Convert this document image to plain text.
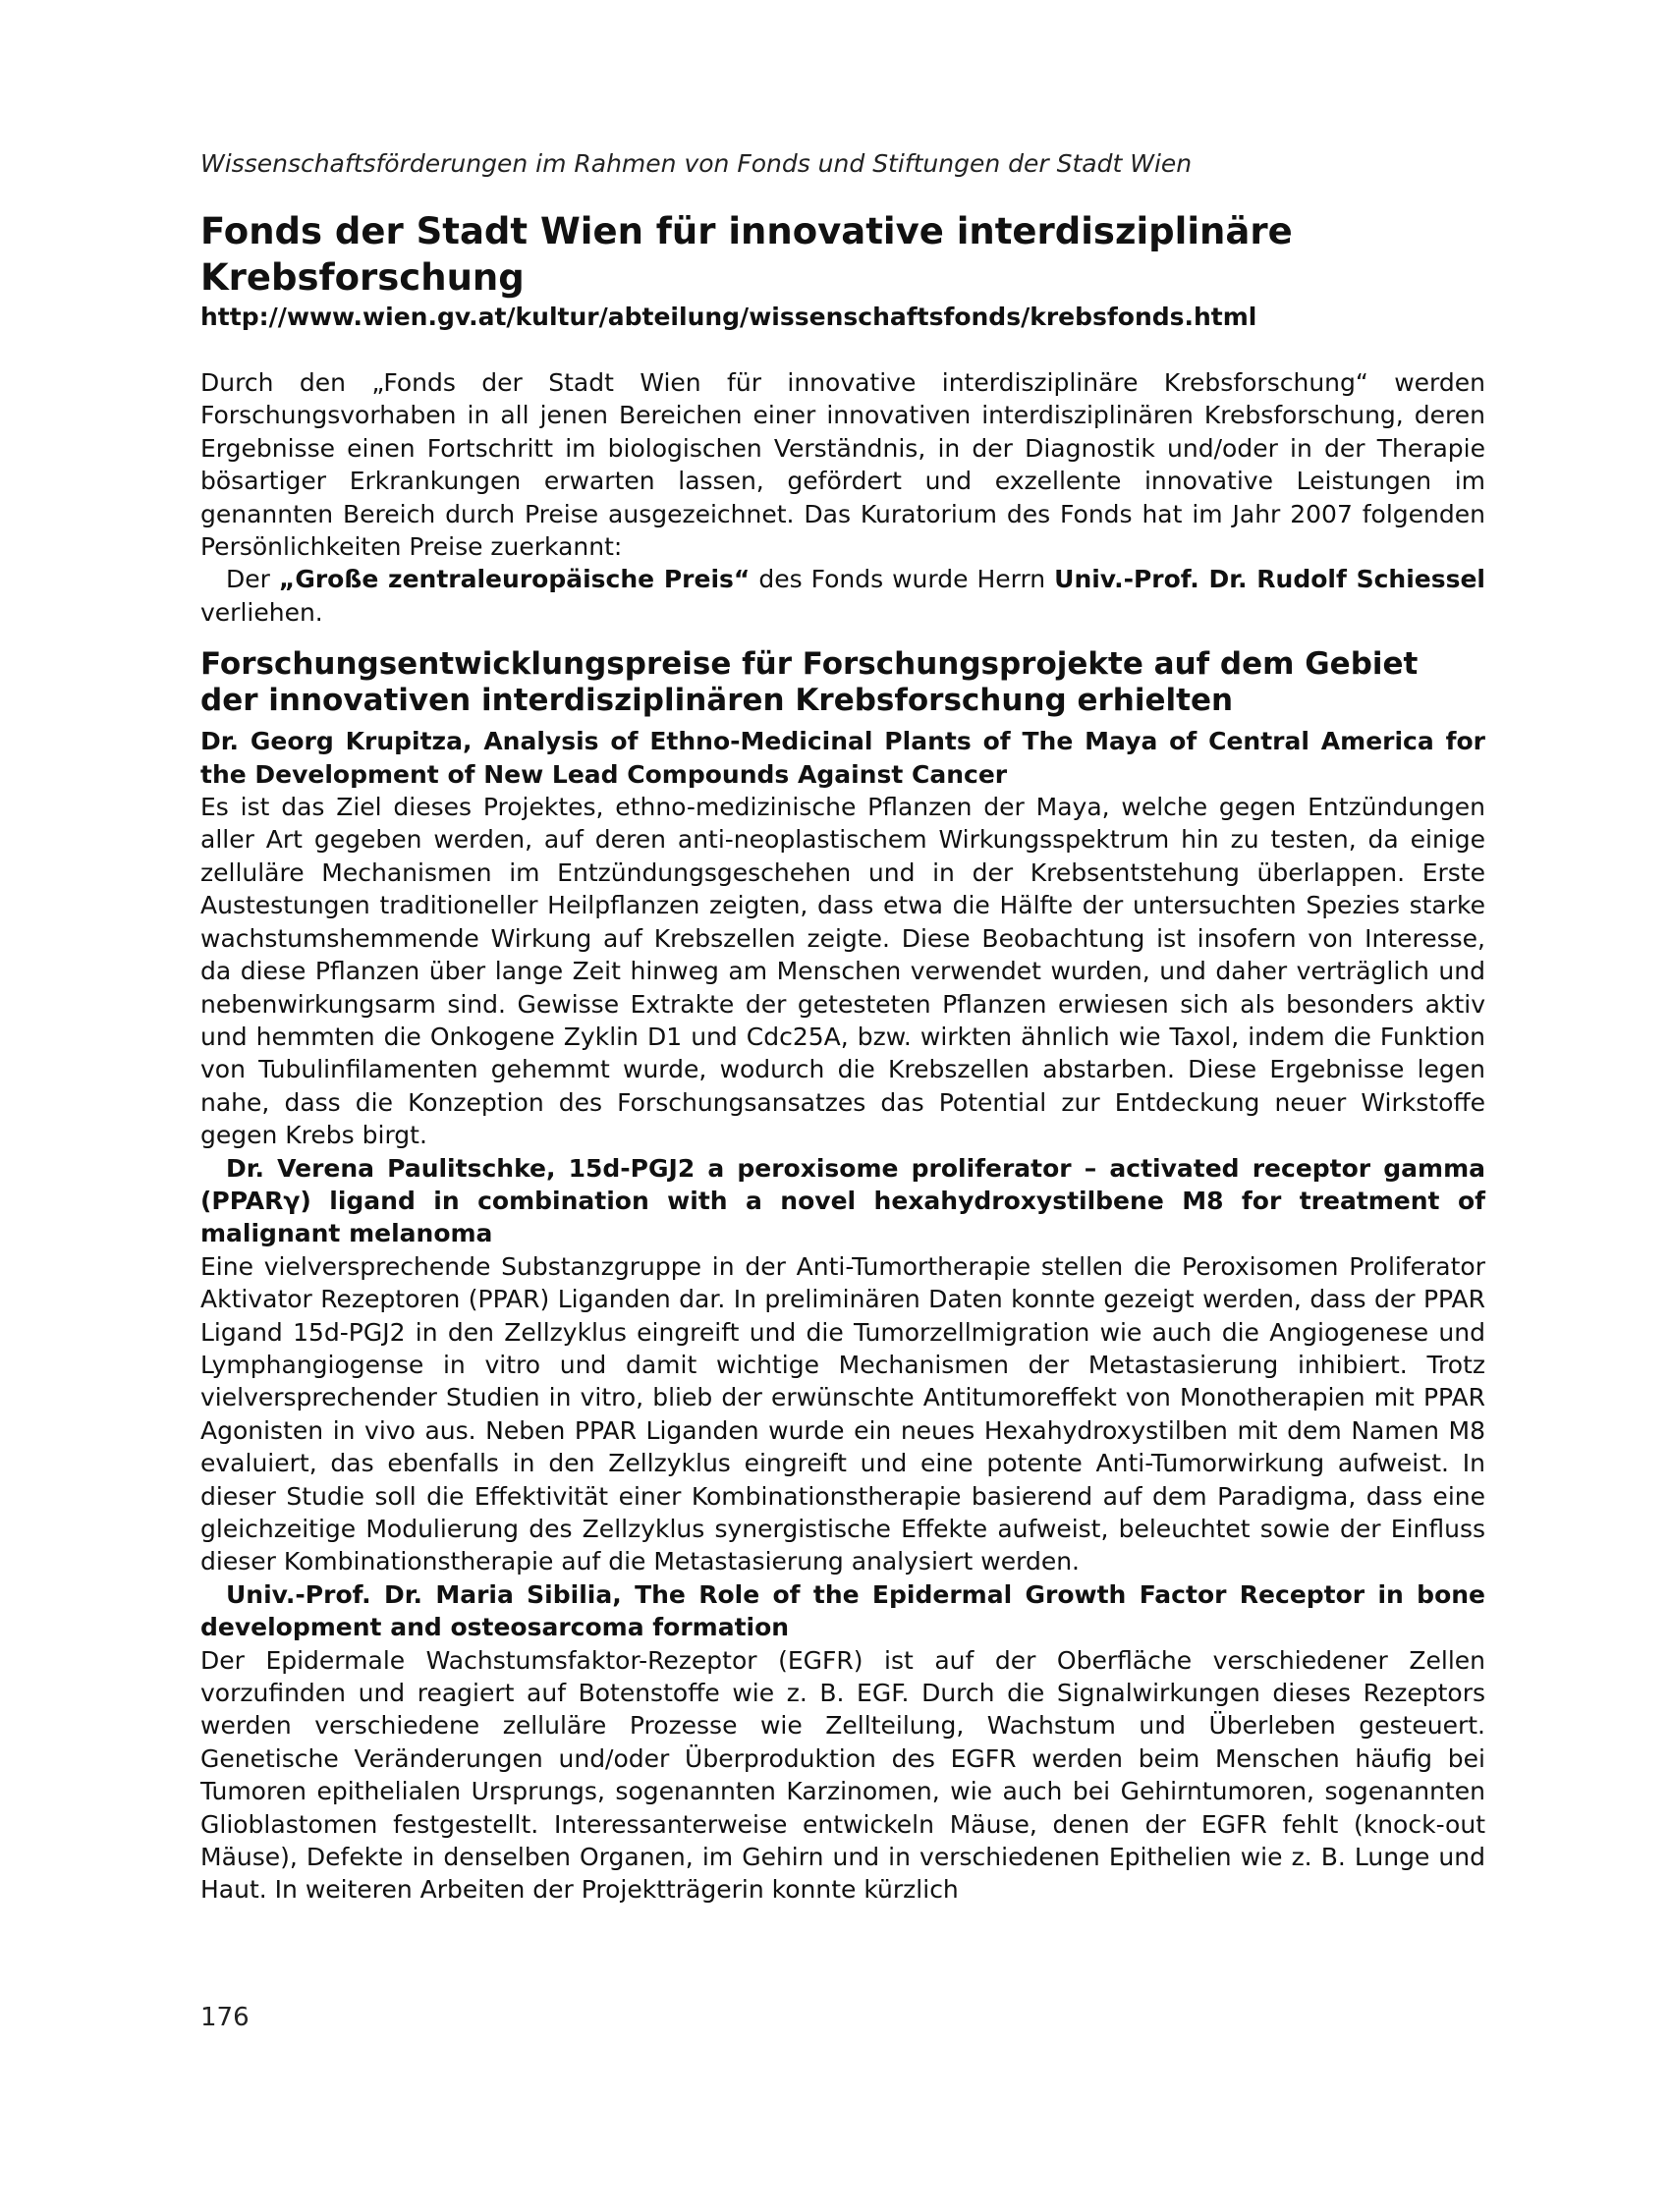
Wissenschaftsförderungen im Rahmen von Fonds und Stiftungen der Stadt Wien
Fonds der Stadt Wien für innovative interdisziplinäre Krebsforschung
http://www.wien.gv.at/kultur/abteilung/wissenschaftsfonds/krebsfonds.html

Durch den „Fonds der Stadt Wien für innovative interdisziplinäre Krebsforschung“ werden Forschungsvorhaben in all jenen Bereichen einer innovativen interdisziplinären Krebsforschung, deren Ergebnisse einen Fortschritt im biologischen Verständnis, in der Diagnostik und/oder in der Therapie bösartiger Erkrankungen erwarten lassen, gefördert und exzellente innovative Leistungen im genannten Bereich durch Preise ausgezeichnet. Das Kuratorium des Fonds hat im Jahr 2007 folgenden Persönlichkeiten Preise zuerkannt:

Der „Große zentraleuropäische Preis“ des Fonds wurde Herrn Univ.-Prof. Dr. Rudolf Schiessel verliehen.

Forschungsentwicklungspreise für Forschungsprojekte auf dem Gebiet der innovativen interdisziplinären Krebsforschung erhielten
Dr. Georg Krupitza, Analysis of Ethno-Medicinal Plants of The Maya of Central America for the Development of New Lead Compounds Against Cancer

Es ist das Ziel dieses Projektes, ethno-medizinische Pflanzen der Maya, welche gegen Entzündungen aller Art gegeben werden, auf deren anti-neoplastischem Wirkungsspektrum hin zu testen, da einige zelluläre Mechanismen im Entzündungsgeschehen und in der Krebsentstehung überlappen. Erste Austestungen traditioneller Heilpflanzen zeigten, dass etwa die Hälfte der untersuchten Spezies starke wachstumshemmende Wirkung auf Krebszellen zeigte. Diese Beobachtung ist insofern von Interesse, da diese Pflanzen über lange Zeit hinweg am Menschen verwendet wurden, und daher verträglich und nebenwirkungsarm sind. Gewisse Extrakte der getesteten Pflanzen erwiesen sich als besonders aktiv und hemmten die Onkogene Zyklin D1 und Cdc25A, bzw. wirkten ähnlich wie Taxol, indem die Funktion von Tubulinfilamenten gehemmt wurde, wodurch die Krebszellen abstarben. Diese Ergebnisse legen nahe, dass die Konzeption des Forschungsansatzes das Potential zur Entdeckung neuer Wirkstoffe gegen Krebs birgt.

Dr. Verena Paulitschke, 15d-PGJ2 a peroxisome proliferator – activated receptor gamma (PPARγ) ligand in combination with a novel hexahydroxystilbene M8 for treatment of malignant melanoma

Eine vielversprechende Substanzgruppe in der Anti-Tumortherapie stellen die Peroxisomen Proliferator Aktivator Rezeptoren (PPAR) Liganden dar. In preliminären Daten konnte gezeigt werden, dass der PPAR Ligand 15d-PGJ2 in den Zellzyklus eingreift und die Tumorzellmigration wie auch die Angiogenese und Lymphangiogense in vitro und damit wichtige Mechanismen der Metastasierung inhibiert. Trotz vielversprechender Studien in vitro, blieb der erwünschte Antitumoreffekt von Monotherapien mit PPAR Agonisten in vivo aus. Neben PPAR Liganden wurde ein neues Hexahydroxystilben mit dem Namen M8 evaluiert, das ebenfalls in den Zellzyklus eingreift und eine potente Anti-Tumorwirkung aufweist. In dieser Studie soll die Effektivität einer Kombinationstherapie basierend auf dem Paradigma, dass eine gleichzeitige Modulierung des Zellzyklus synergistische Effekte aufweist, beleuchtet sowie der Einfluss dieser Kombinationstherapie auf die Metastasierung analysiert werden.

Univ.-Prof. Dr. Maria Sibilia, The Role of the Epidermal Growth Factor Receptor in bone development and osteosarcoma formation

Der Epidermale Wachstumsfaktor-Rezeptor (EGFR) ist auf der Oberfläche verschiedener Zellen vorzufinden und reagiert auf Botenstoffe wie z. B. EGF. Durch die Signalwirkungen dieses Rezeptors werden verschiedene zelluläre Prozesse wie Zellteilung, Wachstum und Überleben gesteuert. Genetische Veränderungen und/oder Überproduktion des EGFR werden beim Menschen häufig bei Tumoren epithelialen Ursprungs, sogenannten Karzinomen, wie auch bei Gehirntumoren, sogenannten Glioblastomen festgestellt. Interessanterweise entwickeln Mäuse, denen der EGFR fehlt (knock-out Mäuse), Defekte in denselben Organen, im Gehirn und in verschiedenen Epithelien wie z. B. Lunge und Haut. In weiteren Arbeiten der Projektträgerin konnte kürzlich

176
